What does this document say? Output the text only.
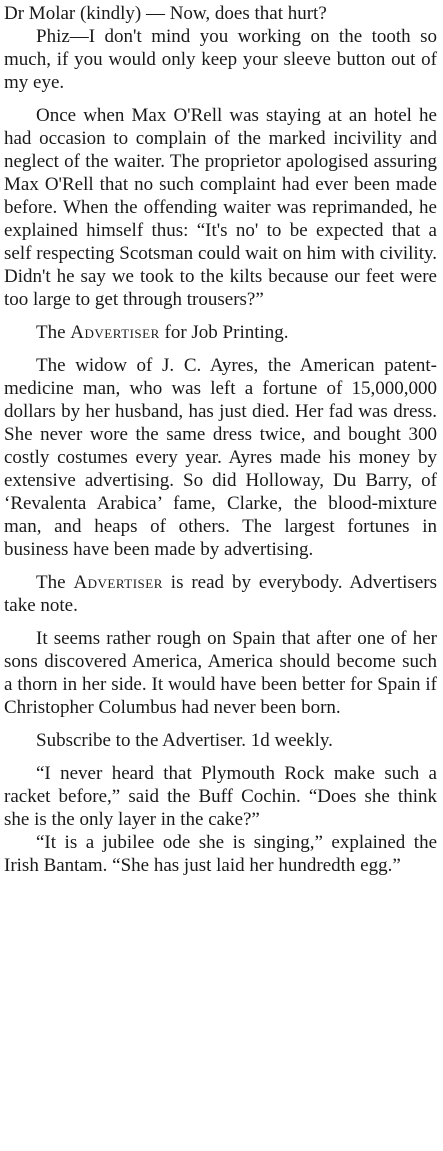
Dr Molar (kindly) — Now, does that hurt?

Phiz—I don't mind you working on the tooth so much, if you would only keep your sleeve button out of my eye.

Once when Max O'Rell was staying at an hotel he had occasion to complain of the marked incivility and neglect of the waiter. The proprietor apologised assuring Max O'Rell that no such complaint had ever been made before. When the offending waiter was reprimanded, he explained himself thus: “It's no' to be expected that a self respecting Scotsman could wait on him with civility. Didn't he say we took to the kilts because our feet were too large to get through trousers?”

The Advertiser for Job Printing.

The widow of J. C. Ayres, the American patent-medicine man, who was left a fortune of 15,000,000 dollars by her husband, has just died. Her fad was dress. She never wore the same dress twice, and bought 300 costly costumes every year. Ayres made his money by extensive advertising. So did Holloway, Du Barry, of ‘Revalenta Arabica’ fame, Clarke, the blood-mixture man, and heaps of others. The largest fortunes in business have been made by advertising.

The Advertiser is read by everybody. Advertisers take note.

It seems rather rough on Spain that after one of her sons discovered America, America should become such a thorn in her side. It would have been better for Spain if Christopher Columbus had never been born.

Subscribe to the Advertiser. 1d weekly.

“I never heard that Plymouth Rock make such a racket before,” said the Buff Cochin. “Does she think she is the only layer in the cake?”

“It is a jubilee ode she is singing,” explained the Irish Bantam. “She has just laid her hundredth egg.”
